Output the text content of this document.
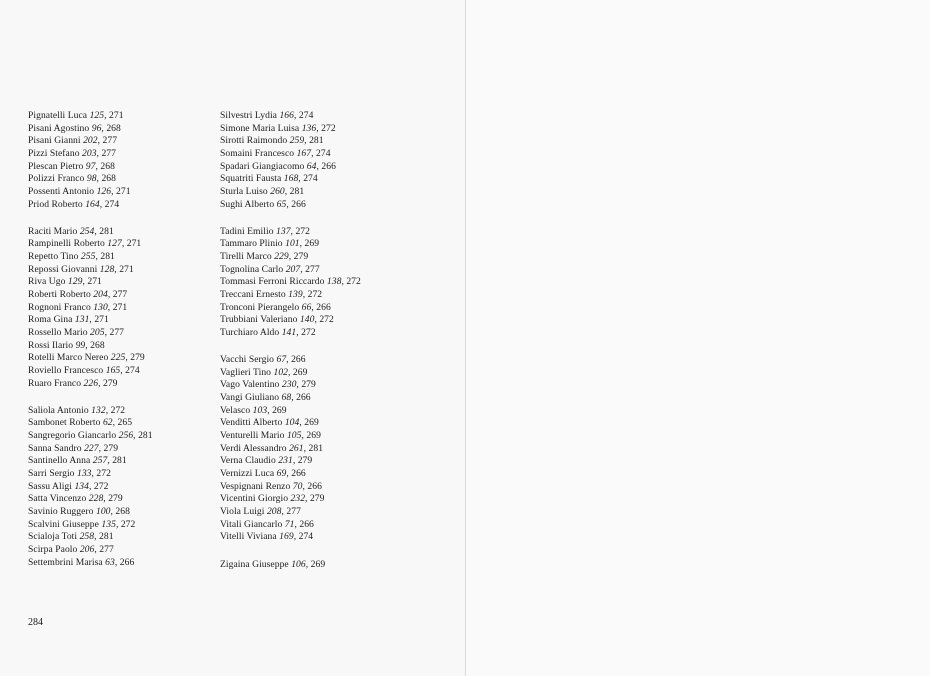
Pignatelli Luca 125, 271
Pisani Agostino 96, 268
Pisani Gianni 202, 277
Pizzi Stefano 203, 277
Plescan Pietro 97, 268
Polizzi Franco 98, 268
Possenti Antonio 126, 271
Priod Roberto 164, 274
Raciti Mario 254, 281
Rampinelli Roberto 127, 271
Repetto Tino 255, 281
Repossi Giovanni 128, 271
Riva Ugo 129, 271
Roberti Roberto 204, 277
Rognoni Franco 130, 271
Roma Gina 131, 271
Rossello Mario 205, 277
Rossi Ilario 99, 268
Rotelli Marco Nereo 225, 279
Roviello Francesco 165, 274
Ruaro Franco 226, 279
Saliola Antonio 132, 272
Sambonet Roberto 62, 265
Sangregorio Giancarlo 256, 281
Sanna Sandro 227, 279
Santinello Anna 257, 281
Sarri Sergio 133, 272
Sassu Aligi 134, 272
Satta Vincenzo 228, 279
Savinio Ruggero 100, 268
Scalvini Giuseppe 135, 272
Scialoja Toti 258, 281
Scirpa Paolo 206, 277
Settembrini Marisa 63, 266
Silvestri Lydia 166, 274
Simone Maria Luisa 136, 272
Sirotti Raimondo 259, 281
Somaini Francesco 167, 274
Spadari Giangiacomo 64, 266
Squatriti Fausta 168, 274
Sturla Luiso 260, 281
Sughi Alberto 65, 266
Tadini Emilio 137, 272
Tammaro Plinio 101, 269
Tirelli Marco 229, 279
Tognolina Carlo 207, 277
Tommasi Ferroni Riccardo 138, 272
Treccani Ernesto 139, 272
Tronconi Pierangelo 66, 266
Trubbiani Valeriano 140, 272
Turchiaro Aldo 141, 272
Vacchi Sergio 67, 266
Vaglieri Tino 102, 269
Vago Valentino 230, 279
Vangi Giuliano 68, 266
Velasco 103, 269
Venditti Alberto 104, 269
Venturelli Mario 105, 269
Verdi Alessandro 261, 281
Verna Claudio 231, 279
Vernizzi Luca 69, 266
Vespignani Renzo 70, 266
Vicentini Giorgio 232, 279
Viola Luigi 208, 277
Vitali Giancarlo 71, 266
Vitelli Viviana 169, 274
Zigaina Giuseppe 106, 269
284
